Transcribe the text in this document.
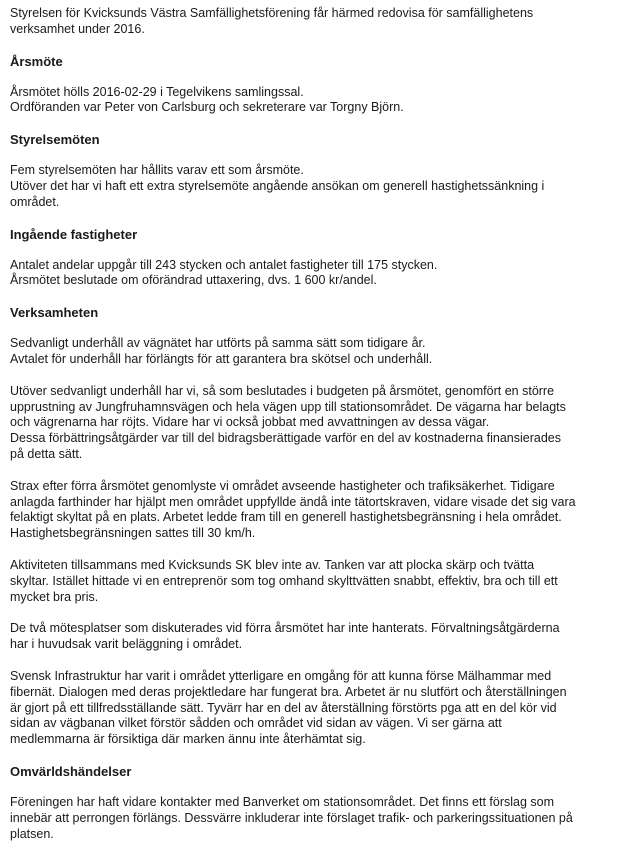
Styrelsen för Kvicksunds Västra Samfällighetsförening får härmed redovisa för samfällighetens
verksamhet under 2016.
Årsmöte
Årsmötet hölls 2016-02-29 i Tegelvikens samlingssal.
Ordföranden var Peter von Carlsburg och sekreterare var Torgny Björn.
Styrelsemöten
Fem styrelsemöten har hållits varav ett som årsmöte.
Utöver det har vi haft ett extra styrelsemöte angående ansökan om generell hastighetssänkning i
området.
Ingående fastigheter
Antalet andelar uppgår till 243 stycken och antalet fastigheter till 175 stycken.
Årsmötet beslutade om oförändrad uttaxering, dvs. 1 600 kr/andel.
Verksamheten
Sedvanligt underhåll av vägnätet har utförts på samma sätt som tidigare år.
Avtalet för underhåll har förlängts för att garantera bra skötsel och underhåll.
Utöver sedvanligt underhåll har vi, så som beslutades i budgeten på årsmötet, genomfört en större
upprustning av Jungfruhamnsvägen och hela vägen upp till stationsområdet. De vägarna har belagts
och vägrenarna har röjts. Vidare har vi också jobbat med avvattningen av dessa vägar.
Dessa förbättringsåtgärder var till del bidragsberättigade varför en del av kostnaderna finansierades
på detta sätt.
Strax efter förra årsmötet genomlyste vi området avseende hastigheter och trafiksäkerhet. Tidigare
anlagda farthinder har hjälpt men området uppfyllde ändå inte tätortskraven, vidare visade det sig vara
felaktigt skyltat på en plats. Arbetet ledde fram till en generell hastighetsbegränsning i hela området.
Hastighetsbegränsningen sattes till 30 km/h.
Aktiviteten tillsammans med Kvicksunds SK blev inte av. Tanken var att plocka skärp och tvätta
skyltar. Istället hittade vi en entreprenör som tog omhand skylttvätten snabbt, effektiv, bra och till ett
mycket bra pris.
De två mötesplatser som diskuterades vid förra årsmötet har inte hanterats. Förvaltningsåtgärderna
har i huvudsak varit beläggning i området.
Svensk Infrastruktur har varit i området ytterligare en omgång för att kunna förse Mälhammar med
fibernät. Dialogen med deras projektledare har fungerat bra. Arbetet är nu slutfört och återställningen
är gjort på ett tillfredsställande sätt. Tyvärr har en del av återställning förstörts pga att en del kör vid
sidan av vägbanan vilket förstör sådden och området vid sidan av vägen. Vi ser gärna att
medlemmarna är försiktiga där marken ännu inte återhämtat sig.
Omvärldshändelser
Föreningen har haft vidare kontakter med Banverket om stationsområdet. Det finns ett förslag som
innebär att perrongen förlängs. Dessvärre inkluderar inte förslaget trafik- och parkeringssituationen på
platsen.
